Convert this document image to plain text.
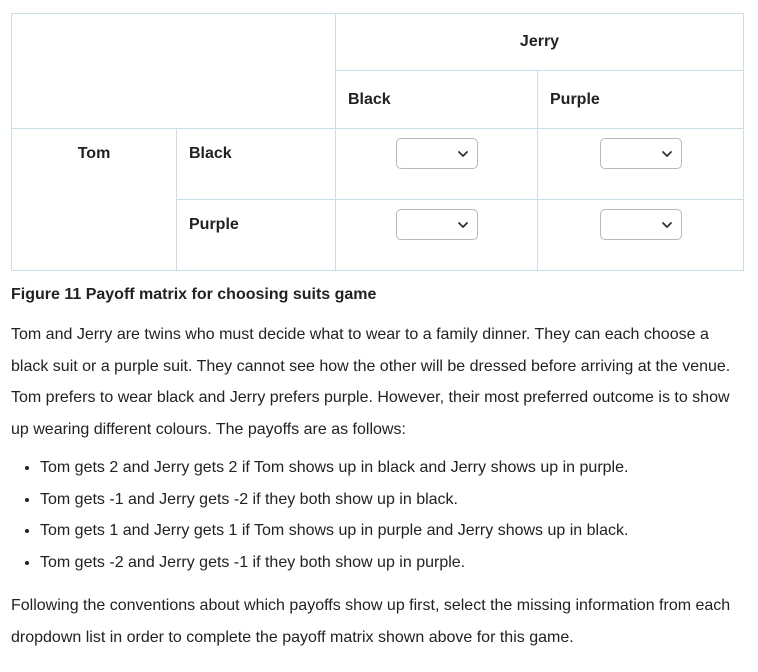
		Jerry	
		Black	Purple
Tom	Black	

	Purple	

Figure 11 Payoff matrix for choosing suits game

Tom and Jerry are twins who must decide what to wear to a family dinner. They can each choose a black suit or a purple suit. They cannot see how the other will be dressed before arriving at the venue. Tom prefers to wear black and Jerry prefers purple. However, their most preferred outcome is to show up wearing different colours. The payoffs are as follows:

• Tom gets 2 and Jerry gets 2 if Tom shows up in black and Jerry shows up in purple.
• Tom gets -1 and Jerry gets -2 if they both show up in black.
• Tom gets 1 and Jerry gets 1 if Tom shows up in purple and Jerry shows up in black.
• Tom gets -2 and Jerry gets -1 if they both show up in purple.

Following the conventions about which payoffs show up first, select the missing information from each dropdown list in order to complete the payoff matrix shown above for this game.
